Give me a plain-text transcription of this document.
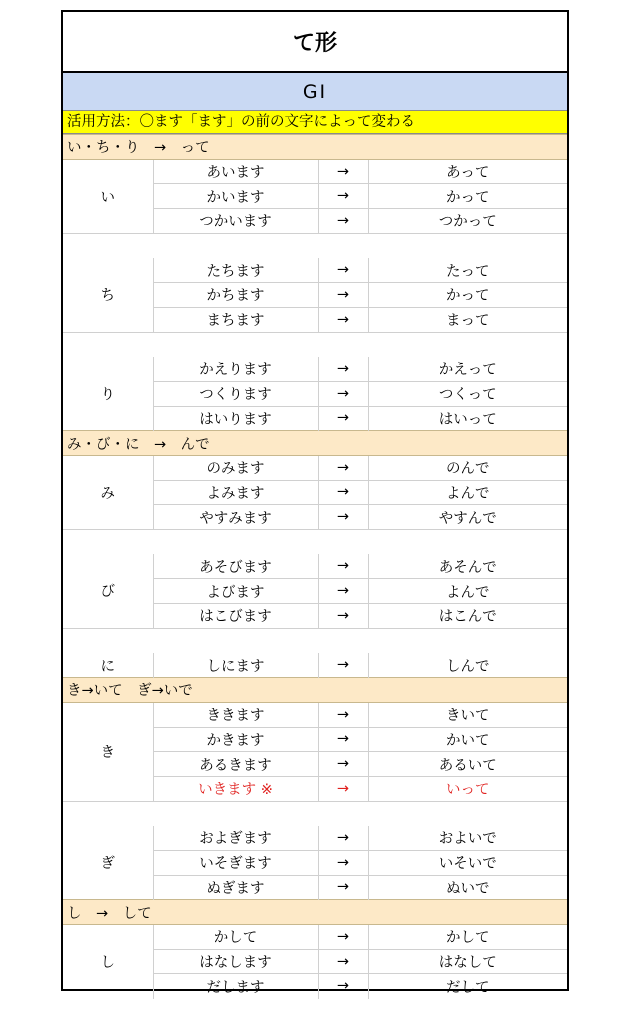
て形
GⅠ
活用方法：〇ます「ます」の前の文字によって変わる
い・ち・り　→　って			
い	あいます	→	あって
	かいます	→	かって
	つかいます	→	つかって

ち	たちます	→	たって
	かちます	→	かって
	まちます	→	まって

り	かえります	→	かえって
	つくります	→	つくって
	はいります	→	はいって
み・び・に　→　んで			
み	のみます	→	のんで
	よみます	→	よんで
	やすみます	→	やすんで

び	あそびます	→	あそんで
	よびます	→	よんで
	はこびます	→	はこんで

に	しにます	→	しんで
き→いて　ぎ→いで			
き	ききます	→	きいて
	かきます	→	かいて
	あるきます	→	あるいて
	いきます ※	→	いって

ぎ	およぎます	→	およいで
	いそぎます	→	いそいで
	ぬぎます	→	ぬいで
し　→　して			
し	かして	→	かして
	はなします	→	はなして
	だします	→	だして
